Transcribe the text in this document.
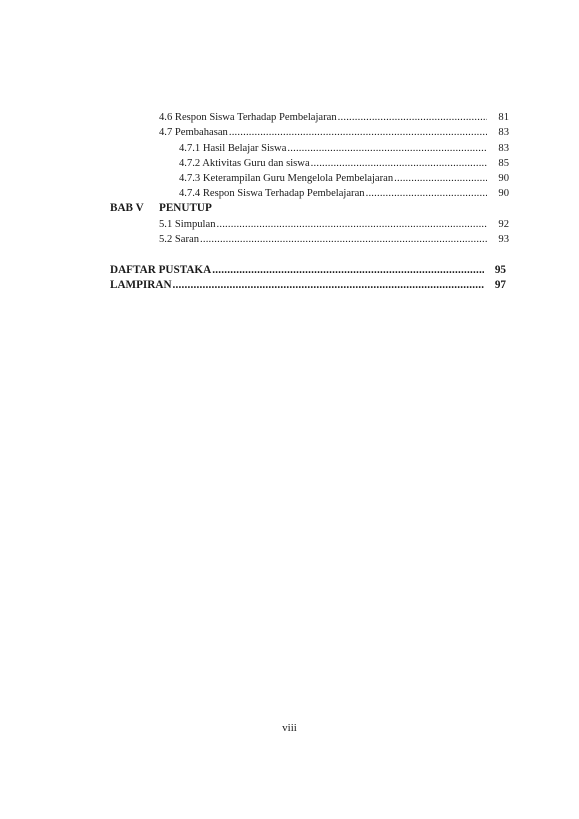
4.6 Respon Siswa Terhadap Pembelajaran .....	81
4.7 Pembahasan .....	83
4.7.1 Hasil Belajar Siswa .....	83
4.7.2 Aktivitas Guru dan siswa .....	85
4.7.3 Keterampilan Guru Mengelola Pembelajaran .....	90
4.7.4 Respon Siswa Terhadap Pembelajaran .....	90
BAB V PENUTUP
5.1 Simpulan .....	92
5.2 Saran .....	93
DAFTAR PUSTAKA .....	95
LAMPIRAN .....	97
viii
